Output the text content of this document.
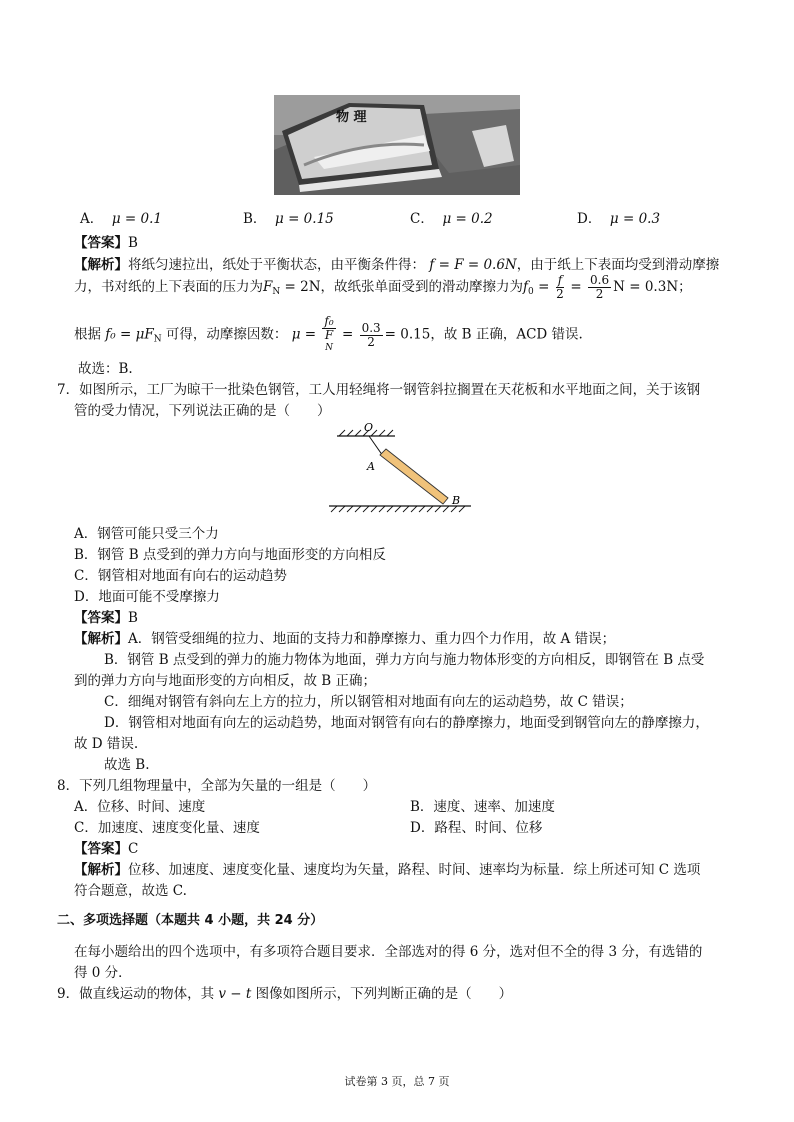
物 理
A． μ = 0.1	B． μ = 0.15	C． μ = 0.2	D． μ = 0.3
【答案】B
【解析】将纸匀速拉出，纸处于平衡状态，由平衡条件得： f = F = 0.6N，由于纸上下表面均受到滑动摩擦
力，书对纸的上下表面的压力为$F_N = 2N$，故纸张单面受到的滑动摩擦力为$f_0 = \frac{f}{2} = \frac{0.6}{2}$ N = 0.3N；
根据 $f_0 = \mu F_N$ 可得，动摩擦因数： μ = f₀
F
$N = \frac{0.3}{2} = 0.15$，故 B 正确，ACD 错误.
故选：B.
7．如图所示，工厂为晾干一批染色钢管，工人用轻绳将一钢管斜拉搁置在天花板和水平地面之间，关于该钢
管的受力情况，下列说法正确的是（　　）
O
A
B
A．钢管可能只受三个力
B．钢管 B 点受到的弹力方向与地面形变的方向相反
C．钢管相对地面有向右的运动趋势
D．地面可能不受摩擦力
【答案】B
【解析】A．钢管受细绳的拉力、地面的支持力和静摩擦力、重力四个力作用，故 A 错误；
B．钢管 B 点受到的弹力的施力物体为地面，弹力方向与施力物体形变的方向相反，即钢管在 B 点受
到的弹力方向与地面形变的方向相反，故 B 正确；
C．细绳对钢管有斜向左上方的拉力，所以钢管相对地面有向左的运动趋势，故 C 错误；
D．钢管相对地面有向左的运动趋势，地面对钢管有向右的静摩擦力，地面受到钢管向左的静摩擦力，
故 D 错误.
故选 B.
8．下列几组物理量中，全部为矢量的一组是（　　）
A．位移、时间、速度	B．速度、速率、加速度
C．加速度、速度变化量、速度	D．路程、时间、位移
【答案】C
【解析】位移、加速度、速度变化量、速度均为矢量，路程、时间、速率均为标量．综上所述可知 C 选项
符合题意，故选 C.
二、多项选择题（本题共 4 小题，共 24 分）
在每小题给出的四个选项中，有多项符合题目要求．全部选对的得 6 分，选对但不全的得 3 分，有选错的
得 0 分．
9．做直线运动的物体，其 v − t 图像如图所示，下列判断正确的是（　　）
试卷第 3 页，总 7 页
